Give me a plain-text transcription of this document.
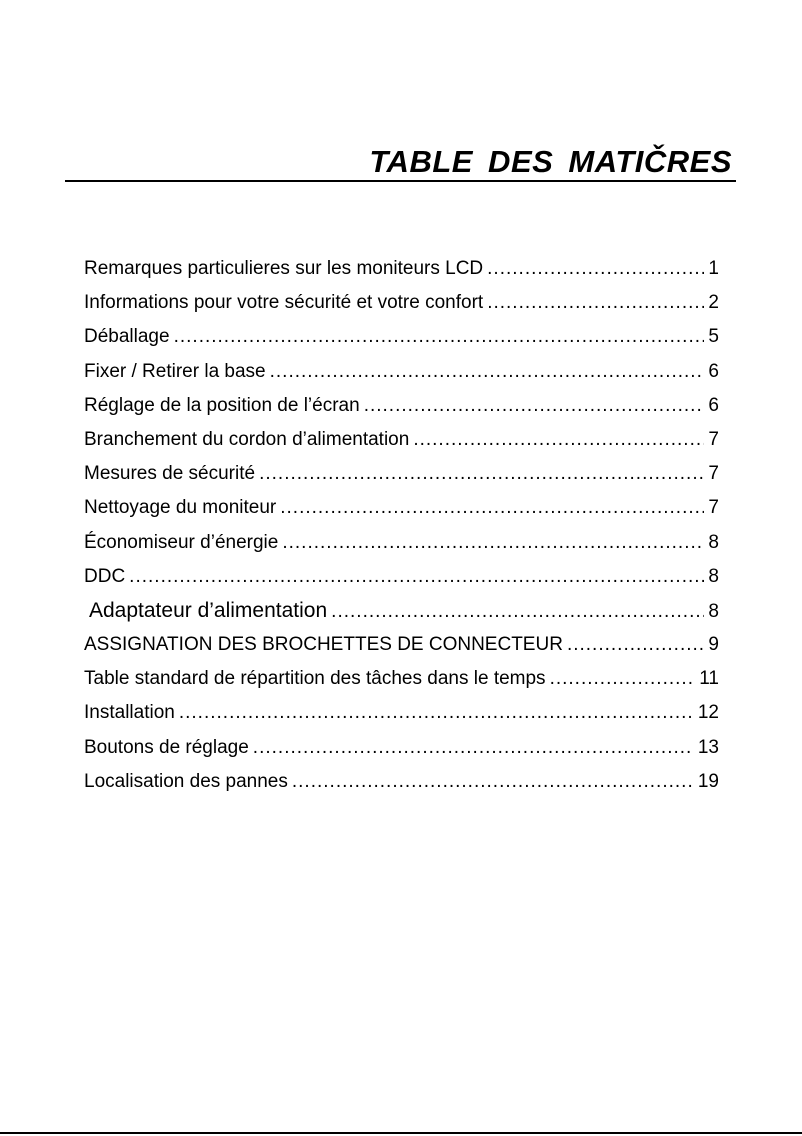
TABLE DES MATIČRES
Remarques particulieres sur les moniteurs LCD .....	1
Informations pour votre sécurité et votre confort .....	2
Déballage .....	5
Fixer / Retirer la base .....	6
Réglage de la position de l’écran .....	6
Branchement du cordon d’alimentation .....	7
Mesures de sécurité .....	7
Nettoyage du moniteur .....	7
Économiseur d’énergie .....	8
DDC .....	8
Adaptateur d’alimentation .....	8
ASSIGNATION DES BROCHETTES DE CONNECTEUR .....	9
Table standard de répartition des tâches dans le temps .....	11
Installation .....	12
Boutons de réglage .....	13
Localisation des pannes .....	19
